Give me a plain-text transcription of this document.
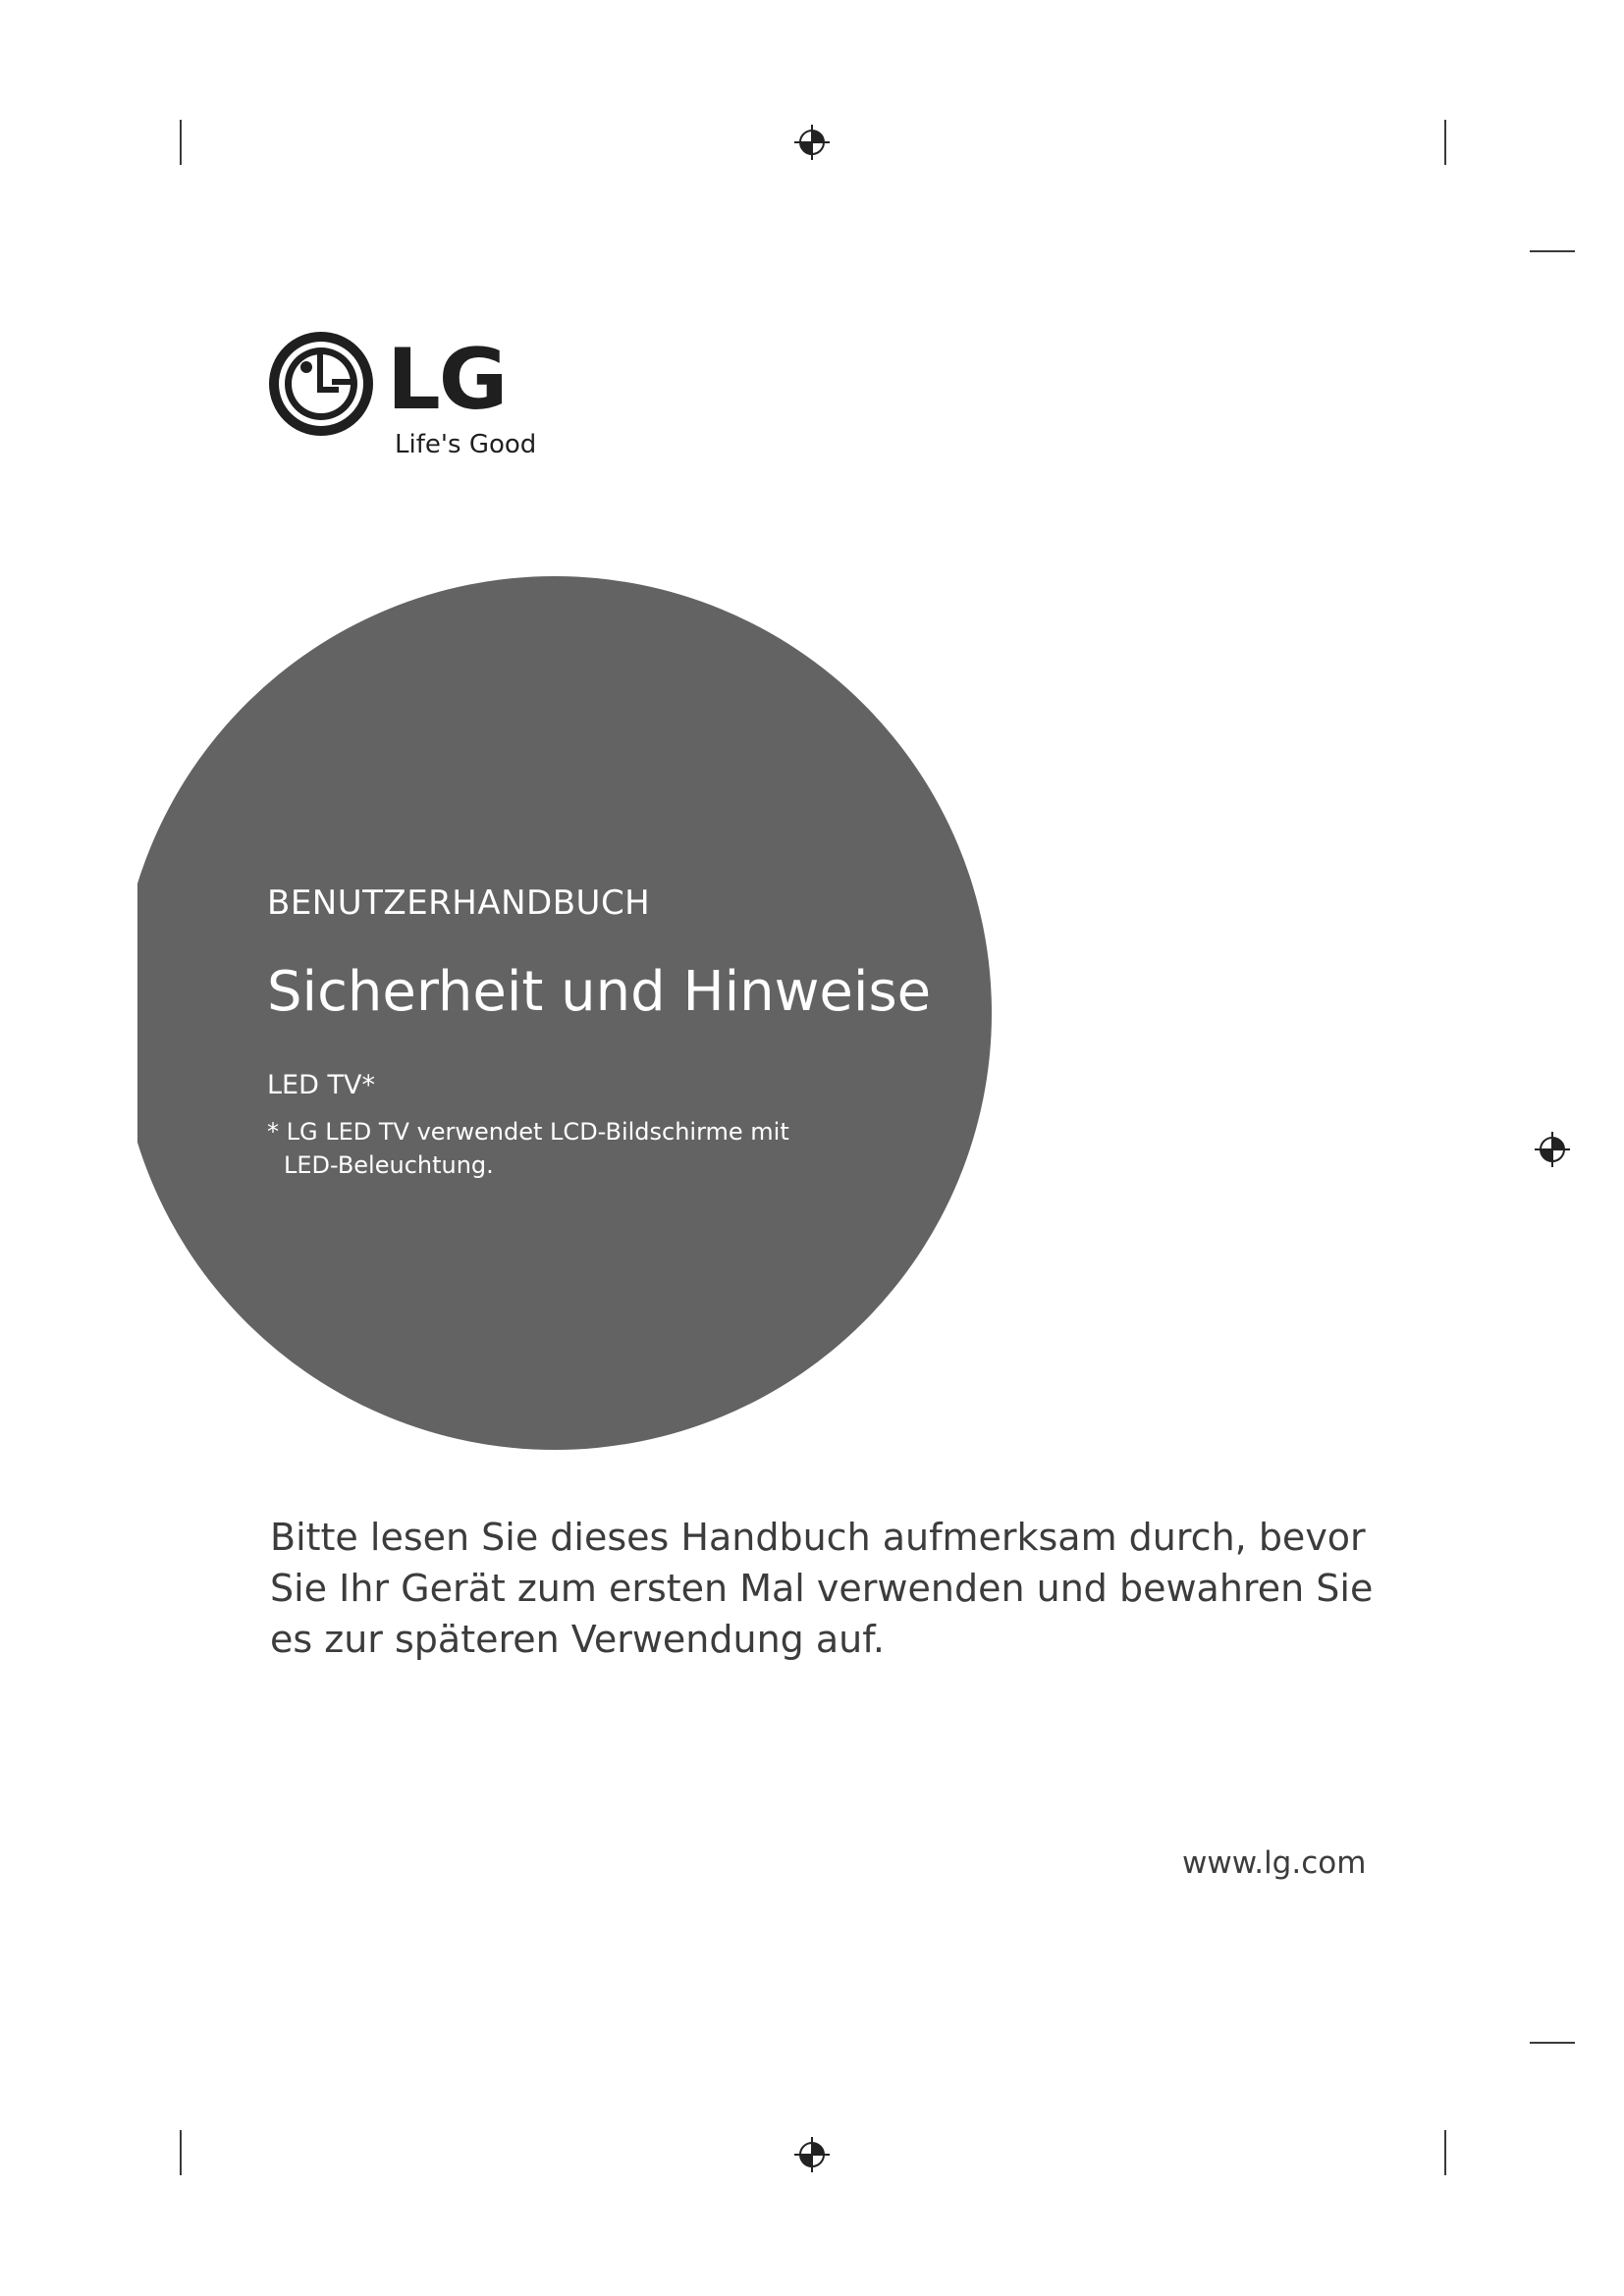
LG
Life's Good
BENUTZERHANDBUCH
Sicherheit und Hinweise
LED TV*
* LG LED TV verwendet LCD-Bildschirme mit
LED-Beleuchtung.
Bitte lesen Sie dieses Handbuch aufmerksam durch, bevor
Sie Ihr Gerät zum ersten Mal verwenden und bewahren Sie
es zur späteren Verwendung auf.
www.lg.com
